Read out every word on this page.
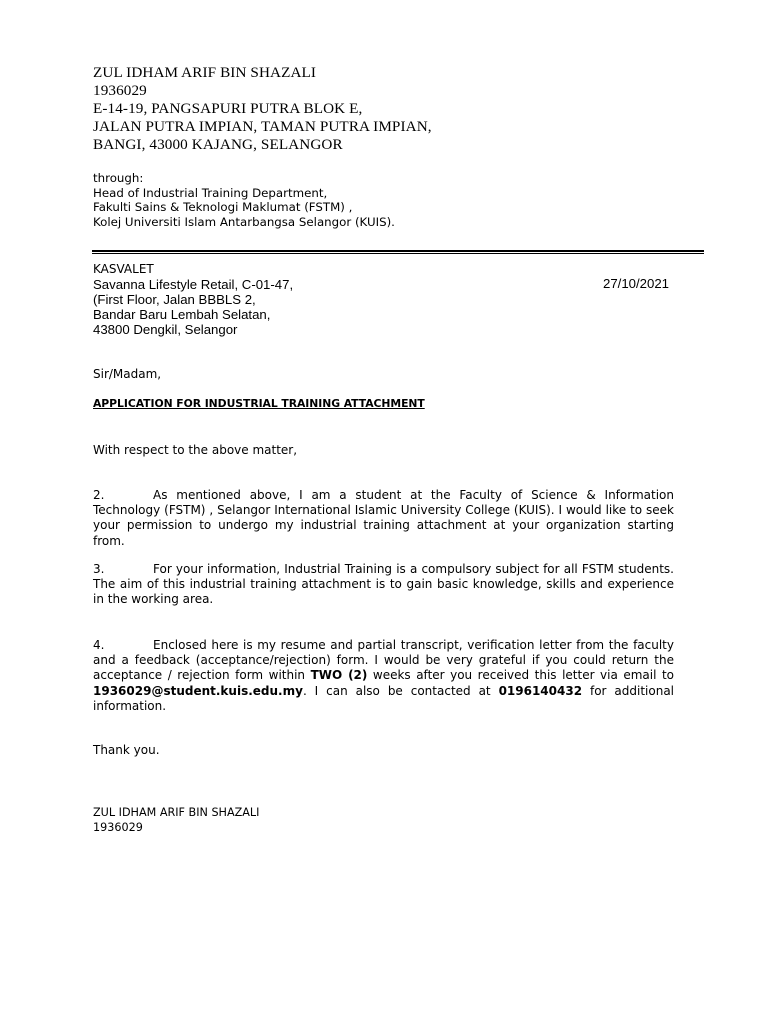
ZUL IDHAM ARIF BIN SHAZALI
1936029
E-14-19, PANGSAPURI PUTRA BLOK E,
JALAN PUTRA IMPIAN, TAMAN PUTRA IMPIAN,
BANGI, 43000 KAJANG, SELANGOR
through:
Head of Industrial Training Department,
Fakulti Sains & Teknologi Maklumat (FSTM) ,
Kolej Universiti Islam Antarbangsa Selangor (KUIS).
KASVALET
Savanna Lifestyle Retail, C-01-47,
(First Floor, Jalan BBBLS 2,
Bandar Baru Lembah Selatan,
43800 Dengkil, Selangor
27/10/2021
Sir/Madam,
APPLICATION FOR INDUSTRIAL TRAINING ATTACHMENT
With respect to the above matter,
2.	As mentioned above, I am a student at the Faculty of Science & Information Technology (FSTM) , Selangor International Islamic University College (KUIS). I would like to seek your permission to undergo my industrial training attachment at your organization starting from.
3.	For your information, Industrial Training is a compulsory subject for all FSTM students. The aim of this industrial training attachment is to gain basic knowledge, skills and experience in the working area.
4.	Enclosed here is my resume and partial transcript, verification letter from the faculty and a feedback (acceptance/rejection) form. I would be very grateful if you could return the acceptance / rejection form within TWO (2) weeks after you received this letter via email to 1936029@student.kuis.edu.my. I can also be contacted at 0196140432 for additional information.
Thank you.
ZUL IDHAM ARIF BIN SHAZALI
1936029
